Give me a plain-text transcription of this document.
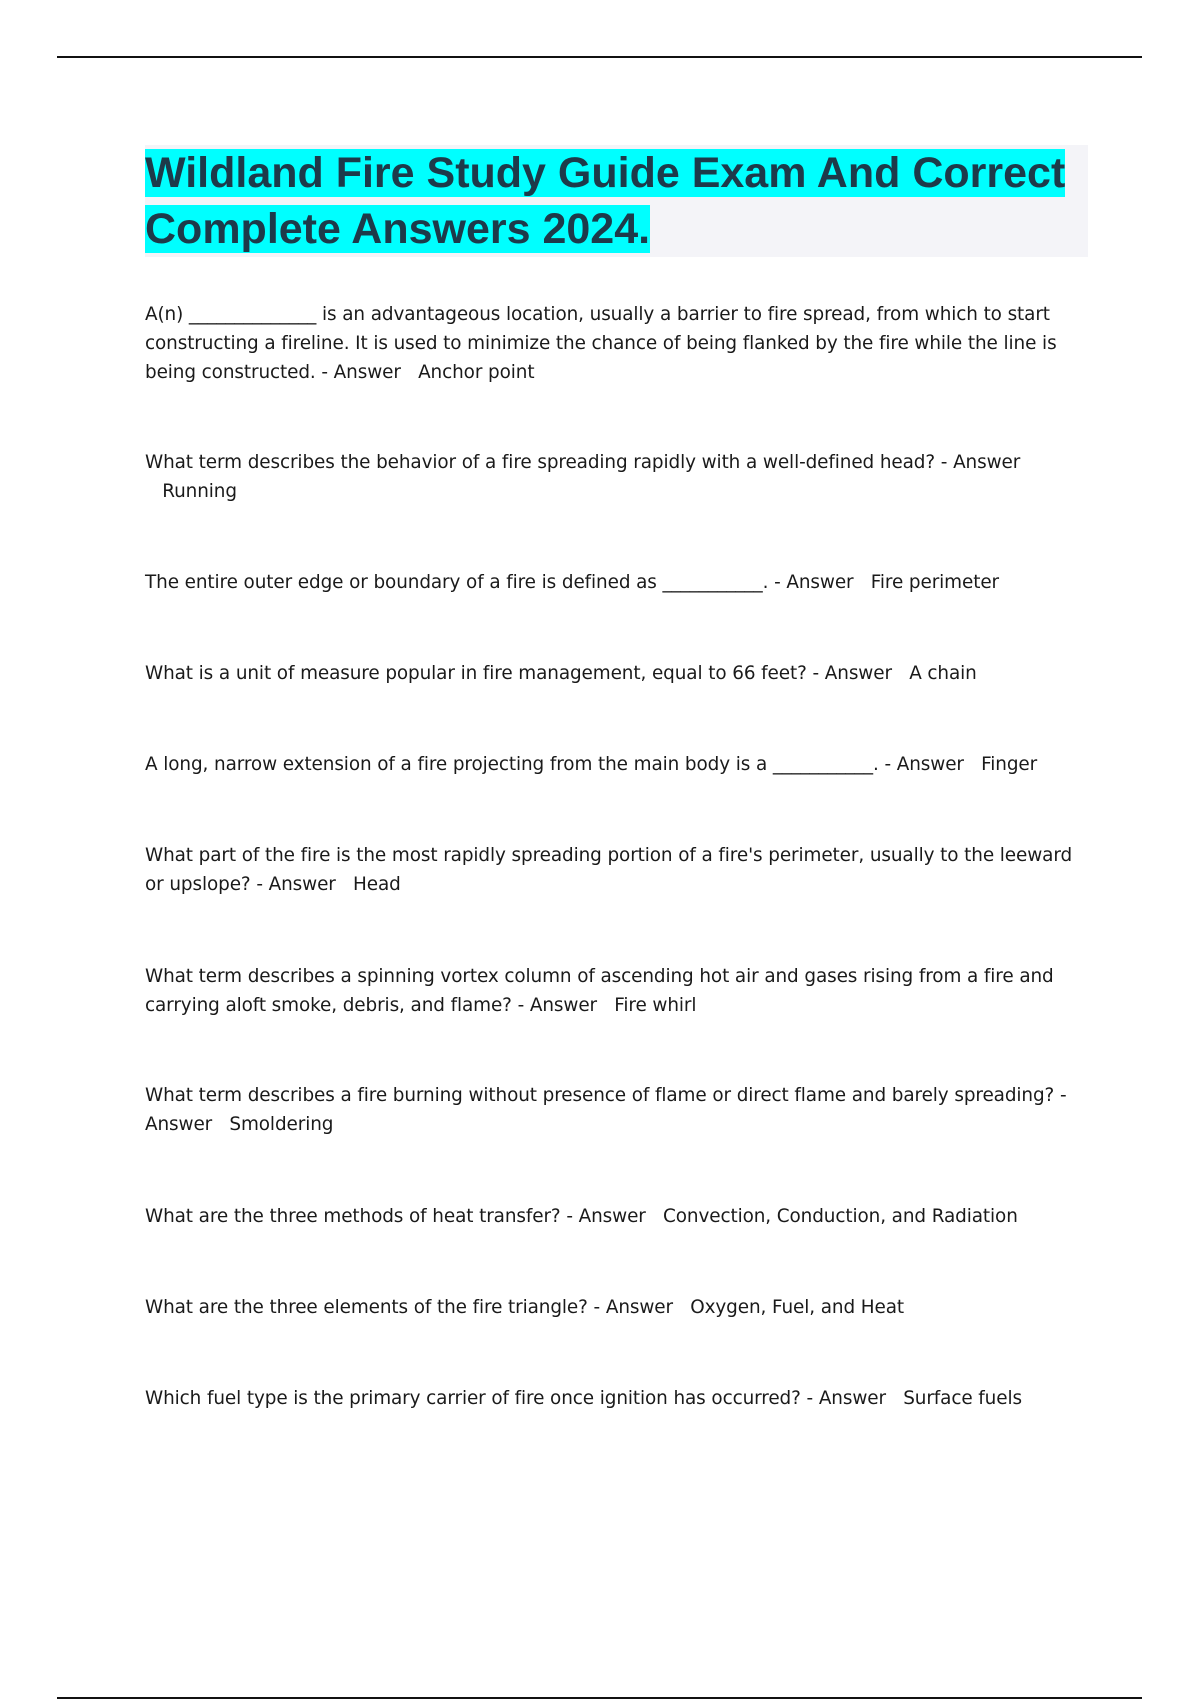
Wildland Fire Study Guide Exam And Correct Complete Answers 2024.
A(n) ______________ is an advantageous location, usually a barrier to fire spread, from which to start constructing a fireline. It is used to minimize the chance of being flanked by the fire while the line is being constructed. - Answer Anchor point
What term describes the behavior of a fire spreading rapidly with a well-defined head? - Answer   Running
The entire outer edge or boundary of a fire is defined as ___________. - Answer Fire perimeter
What is a unit of measure popular in fire management, equal to 66 feet? - Answer A chain
A long, narrow extension of a fire projecting from the main body is a ___________. - Answer Finger
What part of the fire is the most rapidly spreading portion of a fire's perimeter, usually to the leeward or upslope? - Answer Head
What term describes a spinning vortex column of ascending hot air and gases rising from a fire and carrying aloft smoke, debris, and flame? - Answer Fire whirl
What term describes a fire burning without presence of flame or direct flame and barely spreading? - Answer Smoldering
What are the three methods of heat transfer? - Answer Convection, Conduction, and Radiation
What are the three elements of the fire triangle? - Answer Oxygen, Fuel, and Heat
Which fuel type is the primary carrier of fire once ignition has occurred? - Answer Surface fuels
